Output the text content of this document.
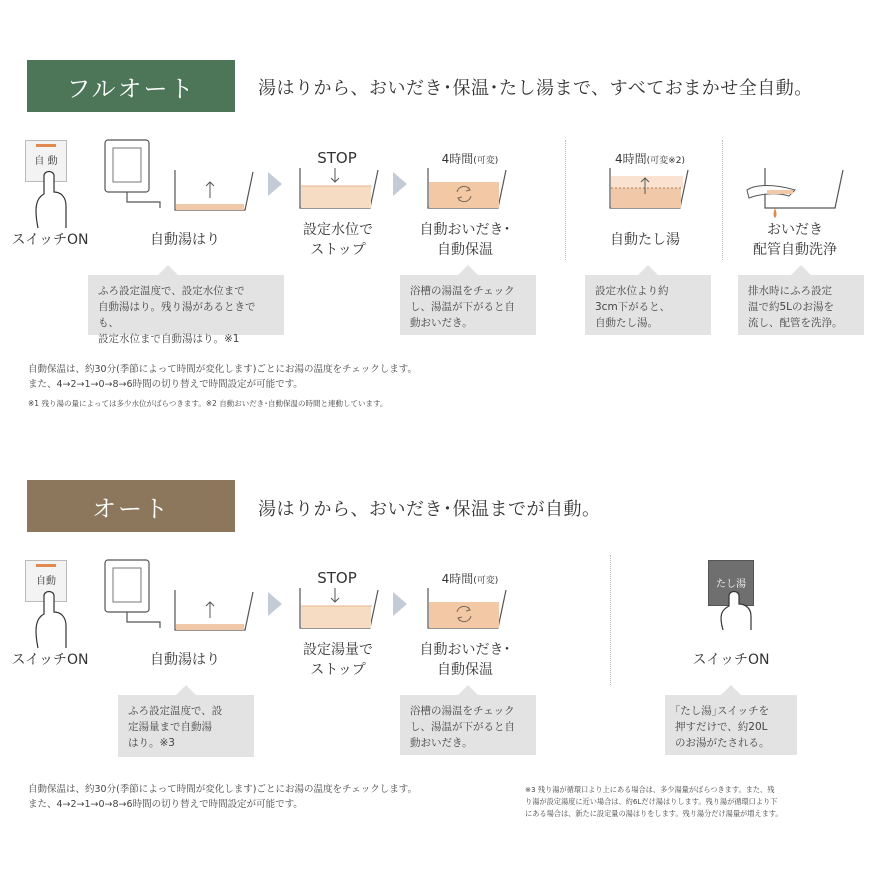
フルオート	湯はりから、おいだき･保温･たし湯まで、すべておまかせ全自動。
自 動
スイッチON	自動湯はり
STOP
設定水位で
ストップ
4時間(可変)
自動おいだき･
自動保温
4時間(可変※2)
自動たし湯
おいだき
配管自動洗浄
ふろ設定温度で、設定水位まで
自動湯はり。残り湯があるときでも、
設定水位まで自動湯はり。※1
浴槽の湯温をチェック
し、湯温が下がると自
動おいだき。
設定水位より約
3cm下がると、
自動たし湯。
排水時にふろ設定
温で約5Lのお湯を
流し、配管を洗浄。
自動保温は、約30分(季節によって時間が変化します)ごとにお湯の温度をチェックします。
また、4→2→1→0→8→6時間の切り替えで時間設定が可能です。
※1 残り湯の量によっては多少水位がばらつきます。※2 自動おいだき･自動保温の時間と連動しています。
オート	湯はりから、おいだき･保温までが自動。
自動
スイッチON	自動湯はり
STOP
設定湯量で
ストップ
4時間(可変)
自動おいだき･
自動保温
たし湯
スイッチON
ふろ設定温度で、設
定湯量まで自動湯
はり。※3
浴槽の湯温をチェック
し、湯温が下がると自
動おいだき。
｢たし湯｣スイッチを
押すだけで、約20L
のお湯がたされる。
自動保温は、約30分(季節によって時間が変化します)ごとにお湯の温度をチェックします。
また、4→2→1→0→8→6時間の切り替えで時間設定が可能です。
※3 残り湯が循環口より上にある場合は、多少湯量がばらつきます。また、残
り湯が設定湯度に近い場合は、約6Lだけ湯はりします。残り湯が循環口より下
にある場合は、新たに設定量の湯はりをします。残り湯分だけ湯量が増えます。
